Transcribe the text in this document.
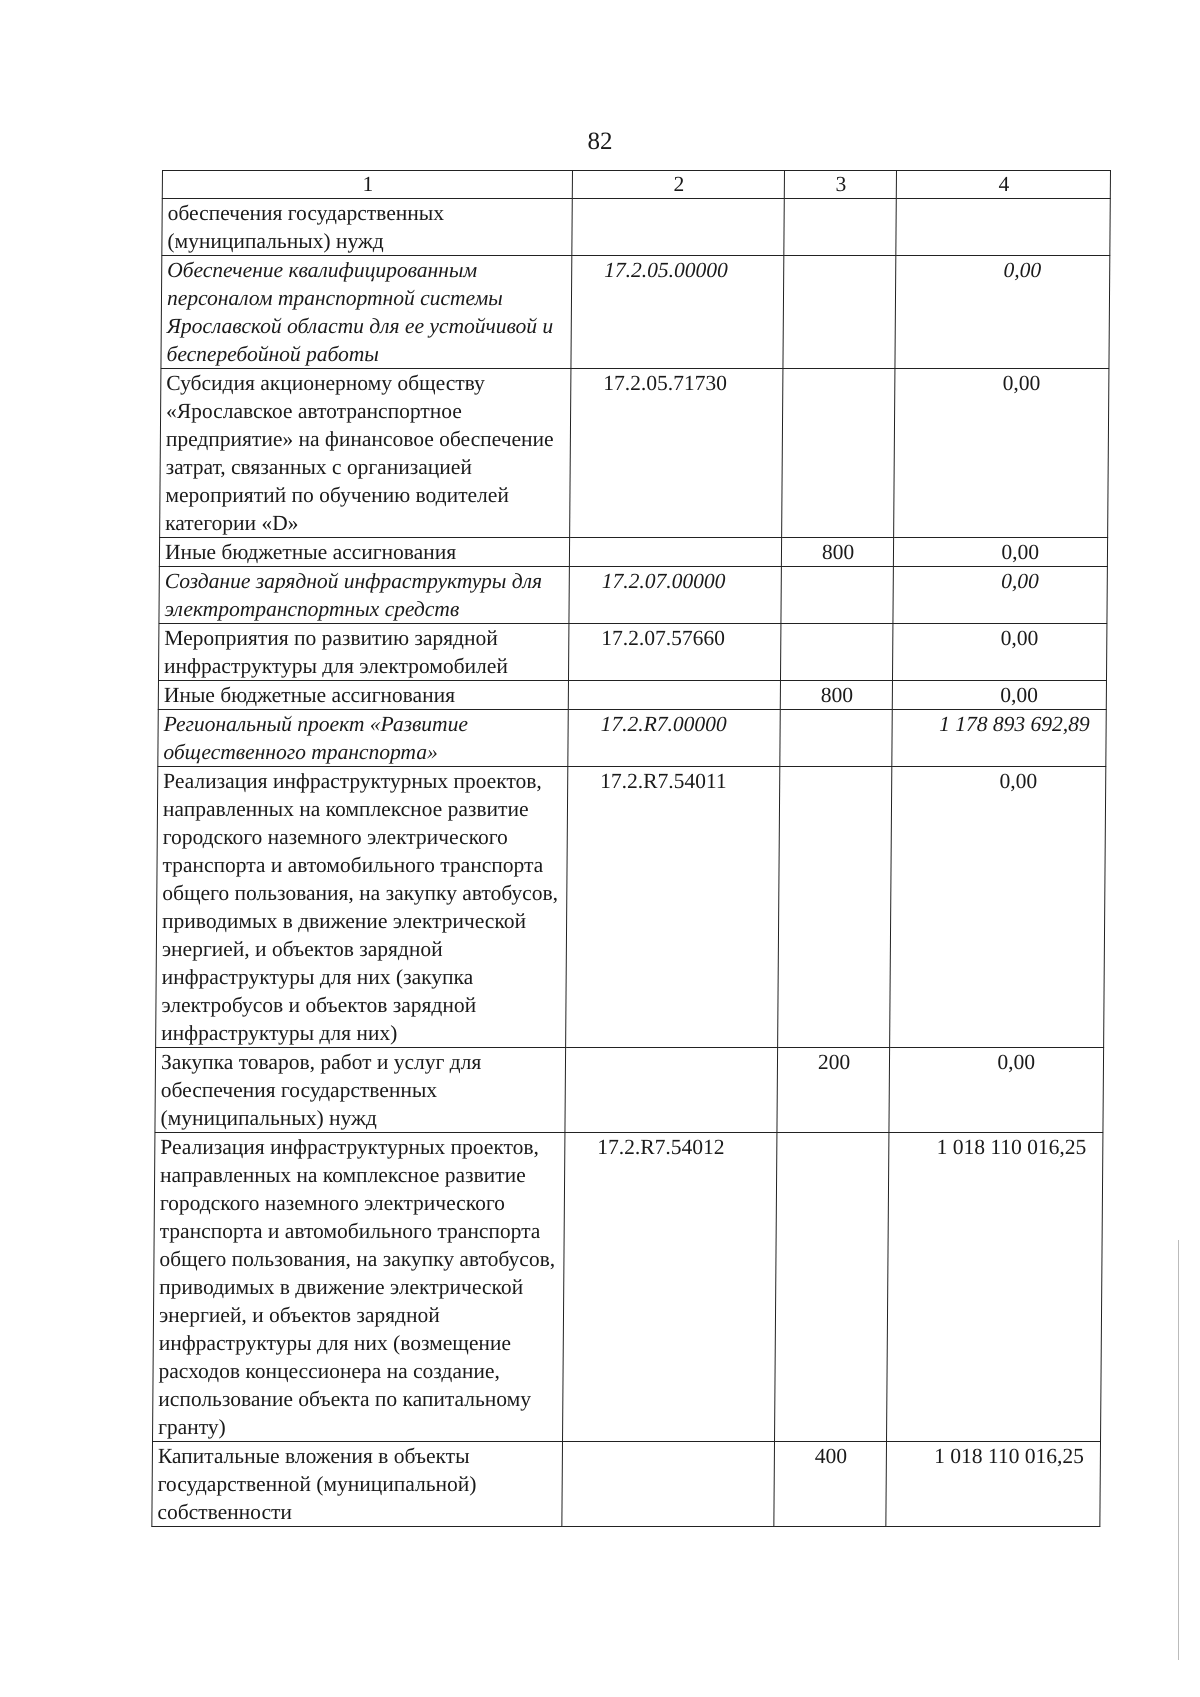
82
1	2	3	4
обеспечения государственных (муниципальных) нужд			
Обеспечение квалифицированным персоналом транспортной системы Ярославской области для ее устойчивой и бесперебойной работы	17.2.05.00000		0,00
Субсидия акционерному обществу «Ярославское автотранспортное предприятие» на финансовое обеспечение затрат, связанных с организацией мероприятий по обучению водителей категории «D»	17.2.05.71730		0,00
Иные бюджетные ассигнования		800	0,00
Создание зарядной инфраструктуры для электротранспортных средств	17.2.07.00000		0,00
Мероприятия по развитию зарядной инфраструктуры для электромобилей	17.2.07.57660		0,00
Иные бюджетные ассигнования		800	0,00
Региональный проект «Развитие общественного транспорта»	17.2.R7.00000		1 178 893 692,89
Реализация инфраструктурных проектов, направленных на комплексное развитие городского наземного электрического транспорта и автомобильного транспорта общего пользования, на закупку автобусов, приводимых в движение электрической энергией, и объектов зарядной инфраструктуры для них (закупка электробусов и объектов зарядной инфраструктуры для них)	17.2.R7.54011		0,00
Закупка товаров, работ и услуг для обеспечения государственных (муниципальных) нужд		200	0,00
Реализация инфраструктурных проектов, направленных на комплексное развитие городского наземного электрического транспорта и автомобильного транспорта общего пользования, на закупку автобусов, приводимых в движение электрической энергией, и объектов зарядной инфраструктуры для них (возмещение расходов концессионера на создание, использование объекта по капитальному гранту)	17.2.R7.54012		1 018 110 016,25
Капитальные вложения в объекты государственной (муниципальной) собственности		400	1 018 110 016,25
